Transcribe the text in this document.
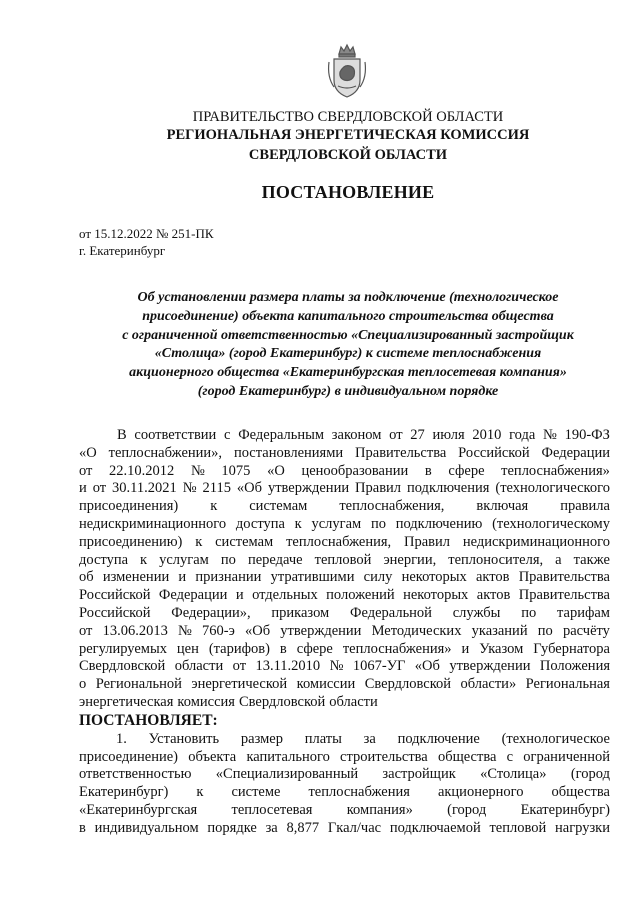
ПРАВИТЕЛЬСТВО СВЕРДЛОВСКОЙ ОБЛАСТИ
РЕГИОНАЛЬНАЯ ЭНЕРГЕТИЧЕСКАЯ КОМИССИЯ
СВЕРДЛОВСКОЙ ОБЛАСТИ
ПОСТАНОВЛЕНИЕ
от 15.12.2022 № 251-ПК
г. Екатеринбург
Об установлении размера платы за подключение (технологическое
присоединение) объекта капитального строительства общества
с ограниченной ответственностью «Специализированный застройщик
«Столица» (город Екатеринбург) к системе теплоснабжения
акционерного общества «Екатеринбургская теплосетевая компания»
(город Екатеринбург) в индивидуальном порядке
В соответствии с Федеральным законом от 27 июля 2010 года № 190-ФЗ
«О теплоснабжении», постановлениями Правительства Российской Федерации
от 22.10.2012 № 1075 «О ценообразовании в сфере теплоснабжения»
и от 30.11.2021 № 2115 «Об утверждении Правил подключения (технологического
присоединения) к системам теплоснабжения, включая правила
недискриминационного доступа к услугам по подключению (технологическому
присоединению) к системам теплоснабжения, Правил недискриминационного
доступа к услугам по передаче тепловой энергии, теплоносителя, а также
об изменении и признании утратившими силу некоторых актов Правительства
Российской Федерации и отдельных положений некоторых актов Правительства
Российской Федерации», приказом Федеральной службы по тарифам
от 13.06.2013 № 760-э «Об утверждении Методических указаний по расчёту
регулируемых цен (тарифов) в сфере теплоснабжения» и Указом Губернатора
Свердловской области от 13.11.2010 № 1067-УГ «Об утверждении Положения
о Региональной энергетической комиссии Свердловской области» Региональная
энергетическая комиссия Свердловской области
ПОСТАНОВЛЯЕТ:
1. Установить размер платы за подключение (технологическое
присоединение) объекта капитального строительства общества с ограниченной
ответственностью «Специализированный застройщик «Столица» (город
Екатеринбург) к системе теплоснабжения акционерного общества
«Екатеринбургская теплосетевая компания» (город Екатеринбург)
в индивидуальном порядке за 8,877 Гкал/час подключаемой тепловой нагрузки
